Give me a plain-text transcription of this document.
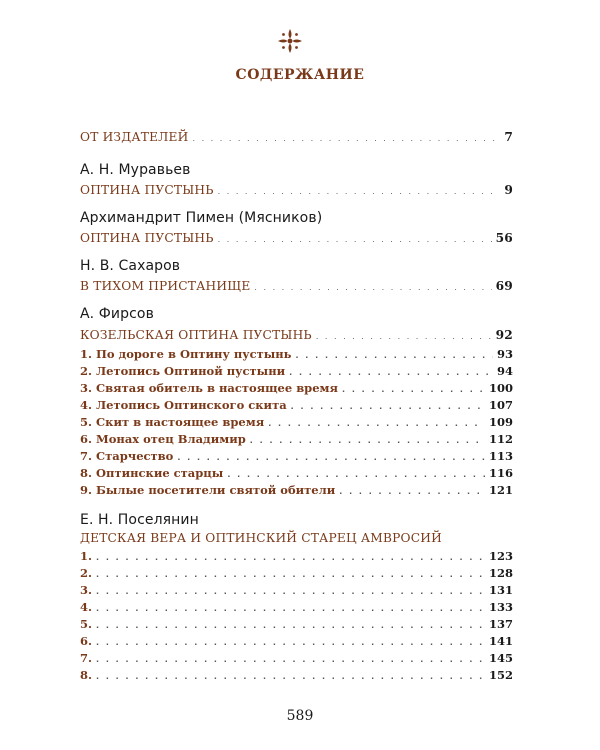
СОДЕРЖАНИЕ
ОТ ИЗДАТЕЛЕЙ . . .	7
А. Н. Муравьев
ОПТИНА ПУСТЫНЬ . . .	9
Архимандрит Пимен (Мясников)
ОПТИНА ПУСТЫНЬ . . .	56
Н. В. Сахаров
В ТИХОМ ПРИСТАНИЩЕ . . .	69
А. Фирсов
КОЗЕЛЬСКАЯ ОПТИНА ПУСТЫНЬ . . .	92
1. По дороге в Оптину пустынь . . .	93
2. Летопись Оптиной пустыни . . .	94
3. Святая обитель в настоящее время . . .	100
4. Летопись Оптинского скита . . .	107
5. Скит в настоящее время . . .	109
6. Монах отец Владимир . . .	112
7. Старчество . . .	113
8. Оптинские старцы . . .	116
9. Былые посетители святой обители . . .	121
Е. Н. Поселянин
ДЕТСКАЯ ВЕРА И ОПТИНСКИЙ СТАРЕЦ АМВРОСИЙ
1. . . .	123
2. . . .	128
3. . . .	131
4. . . .	133
5. . . .	137
6. . . .	141
7. . . .	145
8. . . .	152
589
